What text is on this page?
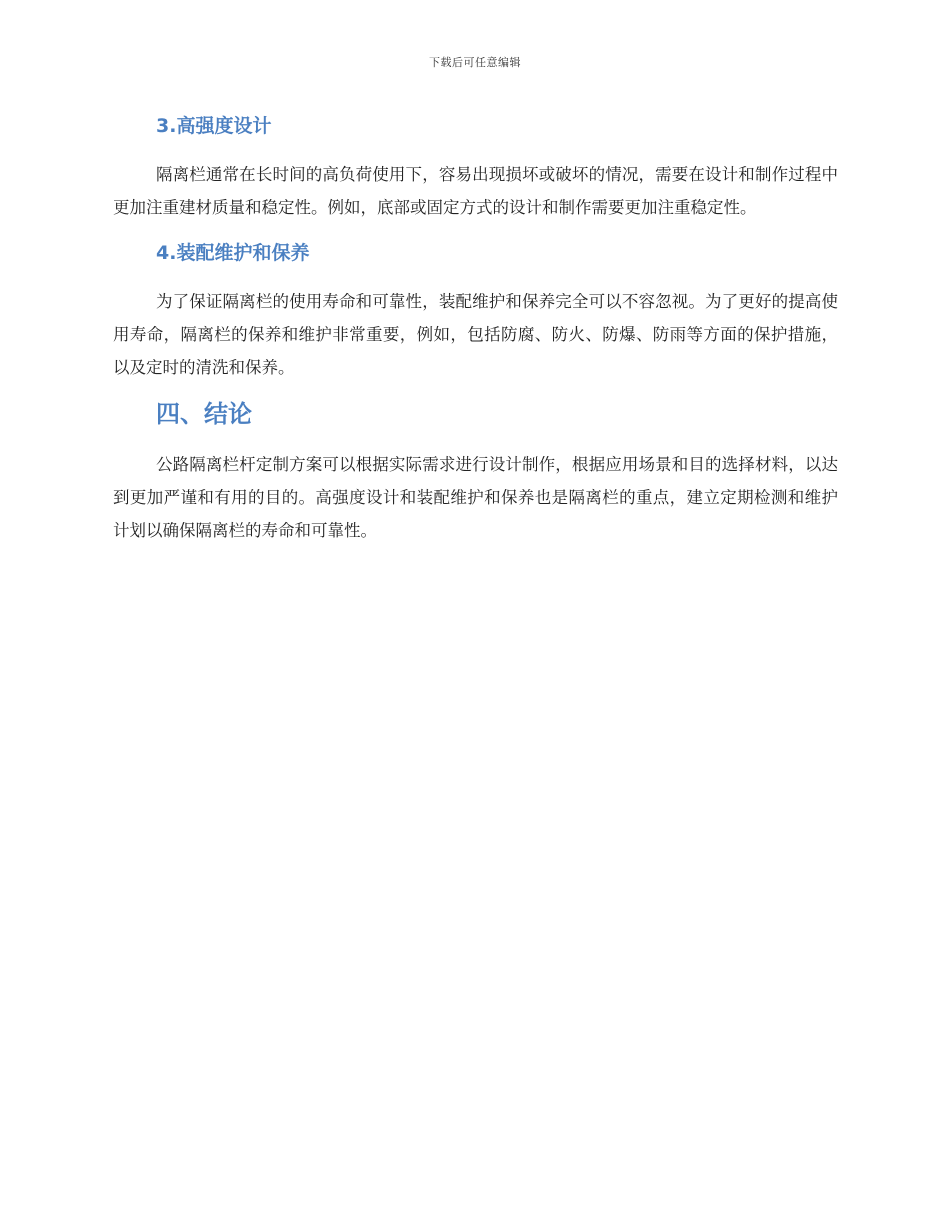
下载后可任意编辑
3.高强度设计

隔离栏通常在长时间的高负荷使用下，容易出现损坏或破坏的情况，需要在设计和制作过程中更加注重建材质量和稳定性。例如，底部或固定方式的设计和制作需要更加注重稳定性。

4.装配维护和保养

为了保证隔离栏的使用寿命和可靠性，装配维护和保养完全可以不容忽视。为了更好的提高使用寿命，隔离栏的保养和维护非常重要，例如，包括防腐、防火、防爆、防雨等方面的保护措施，以及定时的清洗和保养。

四、结论

公路隔离栏杆定制方案可以根据实际需求进行设计制作，根据应用场景和目的选择材料，以达到更加严谨和有用的目的。高强度设计和装配维护和保养也是隔离栏的重点，建立定期检测和维护计划以确保隔离栏的寿命和可靠性。
